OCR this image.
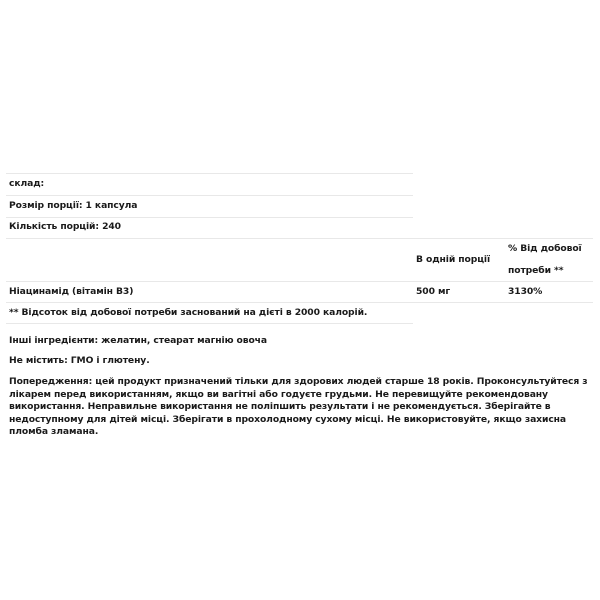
склад:
Розмір порції: 1 капсула
Кількість порцій: 240
В одній порції
% Від добової
потреби **
Ніацинамід (вітамін B3)	500 мг	3130%
** Відсоток від добової потреби заснований на дієті в 2000 калорій.
Інші інгредієнти: желатин, стеарат магнію овоча
Не містить: ГМО і глютену.
Попередження: цей продукт призначений тільки для здорових людей старше 18 років. Проконсультуйтеся з лікарем перед використанням, якщо ви вагітні або годуєте грудьми. Не перевищуйте рекомендовану використання. Неправильне використання не поліпшить результати і не рекомендується. Зберігайте в недоступному для дітей місці. Зберігати в прохолодному сухому місці. Не використовуйте, якщо захисна пломба зламана.
